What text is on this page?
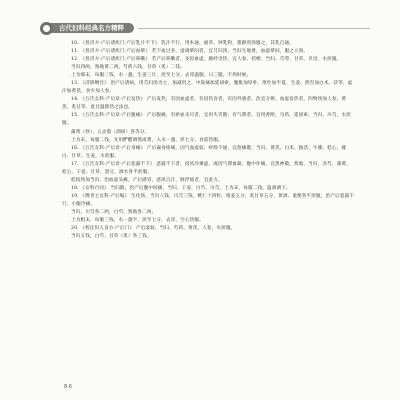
古代妇科经典名方精粹

10. 《普济方·产后诸疾门·产后乳汁不下》 乳汁不行，用木通、通草、钟乳粉，猪蹄煎汤服之，其乳自通。

11. 《普济方·产后诸疾门·产后血晕》 若下血过多，虚竭晕闷者，宜芎归汤，当归生地黄，血虚晕闷，服之立效。

12. 《普济方·产后诸疾门·产后咳嗽》 若产后咳嗽者，多因血虚，肺经受热，宜人参、桔梗、当归、芎䓖、甘草、贝母，水煎服。

当归四两，熟地黄二两，芍药六钱，甘草（炙）二钱。

上为细末，每服三钱，水一盏，生姜三片，煎至七分，去滓温服，日三服，不拘时候。

13. 《济阴纲目》 治产后诸病，用芎归汤为主，加减用之，中脘痛加延胡索，腹胀加厚朴，呕吐加半夏、生姜，泄泻加白术、茯苓，虚汗加黄芪，食少加人参。

14. 《万氏女科·产后章·产后发热》 产后发热，有因血虚者，有因伤食者，有因外感者，治宜分辨。血虚发热者，四物汤加人参、黄芪、炙甘草，此甘温除热之法也。

15. 《万氏女科·产后章·产后腹痛》 产后腹痛，有瘀血未尽者，宜用失笑散；有气滞者，宜用香附、乌药、延胡索、当归、川芎，水煎服。

蒲黄（炒）、五灵脂（酒研）各等分。

上为末，每服二钱，先用酽醋调熬成膏，入水一盏，煎七分，食前热服。

16. 《万氏女科·产后章·产后身痛》 产后遍身疼痛，因气血虚弱，经络不通，宜趁痛散，当归、黄芪、白术、独活、牛膝、桂心、薤白、甘草、生姜，水煎服。

17. 《万氏女科·产后章·产后恶露不下》 恶露不下者，因风冷乘虚，或因气滞血凝，腹中作痛，宜黑神散，熟地、当归、赤芍、蒲黄、桂心、干姜、甘草、黑豆，酒水各半煎服。

桂枝汤加当归，治血虚头痛，产后感冒，恶风自汗，脉浮缓者，宜此方。

18. 《女科百问》 当归散，治产后腹中绞痛，当归、干姜、白芍、川芎，上为末，每服二钱，温酒调下。

19. 《傅青主女科·产后编》 生化汤，当归八钱，川芎三钱，桃仁十四粒，炮姜五分，炙甘草五分，黄酒、童便各半煎服，治产后恶露不行，小腹冷痛。

当归、川芎各二两，白芍、熟地各二两。

上为粗末，每服三钱，水一盏半，煎至七分，去滓，空心热服。

20. 《校注妇人良方·产后门》 产后虚弱，当归、芍药、黄芪、人参，水煎服。

当归五钱，白芍、甘草（炙）各三钱。

8·6
